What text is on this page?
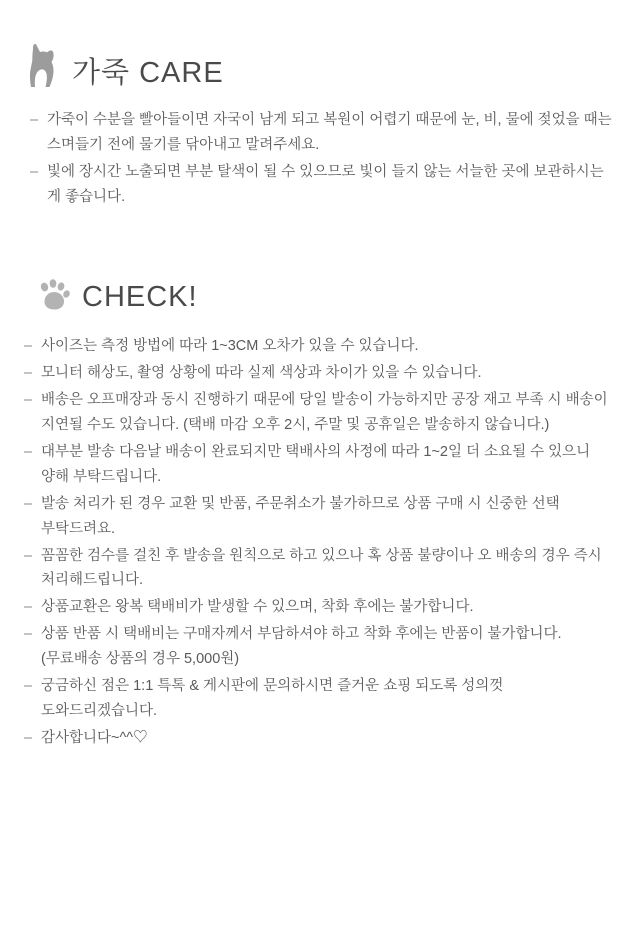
가죽 CARE
– 가죽이 수분을 빨아들이면 자국이 남게 되고 복원이 어렵기 때문에 눈, 비, 물에 젖었을 때는 스며들기 전에 물기를 닦아내고 말려주세요.
– 빛에 장시간 노출되면 부분 탈색이 될 수 있으므로 빛이 들지 않는 서늘한 곳에 보관하시는 게 좋습니다.
CHECK!
– 사이즈는 측정 방법에 따라 1~3CM 오차가 있을 수 있습니다.
– 모니터 해상도, 촬영 상황에 따라 실제 색상과 차이가 있을 수 있습니다.
– 배송은 오프매장과 동시 진행하기 때문에 당일 발송이 가능하지만 공장 재고 부족 시 배송이 지연될 수도 있습니다. (택배 마감 오후 2시, 주말 및 공휴일은 발송하지 않습니다.)
– 대부분 발송 다음날 배송이 완료되지만 택배사의 사정에 따라 1~2일 더 소요될 수 있으니 양해 부탁드립니다.
– 발송 처리가 된 경우 교환 및 반품, 주문취소가 불가하므로 상품 구매 시 신중한 선택 부탁드려요.
– 꼼꼼한 검수를 걸친 후 발송을 원칙으로 하고 있으나 혹 상품 불량이나 오 배송의 경우 즉시 처리해드립니다.
– 상품교환은 왕복 택배비가 발생할 수 있으며, 착화 후에는 불가합니다.
– 상품 반품 시 택배비는 구매자께서 부담하셔야 하고 착화 후에는 반품이 불가합니다. (무료배송 상품의 경우 5,000원)
– 궁금하신 점은 1:1 특톡 & 게시판에 문의하시면 즐거운 쇼핑 되도록 성의껏 도와드리겠습니다.
– 감사합니다~^^♡
